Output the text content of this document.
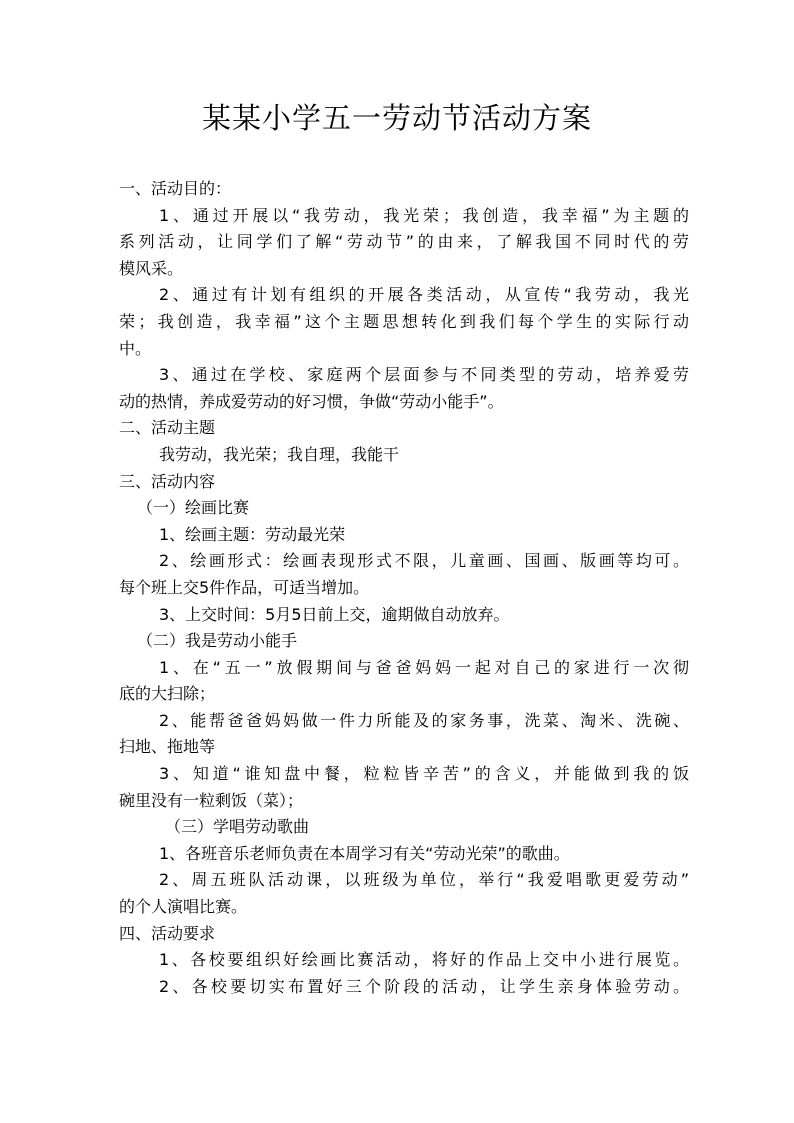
某某小学五一劳动节活动方案
一、活动目的：
1、通过开展以“我劳动，我光荣；我创造，我幸福”为主题的
系列活动，让同学们了解“劳动节”的由来，了解我国不同时代的劳
模风采。
2、通过有计划有组织的开展各类活动，从宣传“我劳动，我光
荣；我创造，我幸福”这个主题思想转化到我们每个学生的实际行动
中。
3、通过在学校、家庭两个层面参与不同类型的劳动，培养爱劳
动的热情，养成爱劳动的好习惯，争做“劳动小能手”。
二、活动主题
我劳动，我光荣；我自理，我能干
三、活动内容
（一）绘画比赛
1、绘画主题：劳动最光荣
2、绘画形式：绘画表现形式不限，儿童画、国画、版画等均可。
每个班上交5件作品，可适当增加。
3、上交时间：5月5日前上交，逾期做自动放弃。
（二）我是劳动小能手
1、在“五一”放假期间与爸爸妈妈一起对自己的家进行一次彻
底的大扫除；
2、能帮爸爸妈妈做一件力所能及的家务事，洗菜、淘米、洗碗、
扫地、拖地等
3、知道“谁知盘中餐，粒粒皆辛苦”的含义，并能做到我的饭
碗里没有一粒剩饭（菜）；
（三）学唱劳动歌曲
1、各班音乐老师负责在本周学习有关“劳动光荣”的歌曲。
2、周五班队活动课，以班级为单位，举行“我爱唱歌更爱劳动”
的个人演唱比赛。
四、活动要求
1、各校要组织好绘画比赛活动，将好的作品上交中小进行展览。
2、各校要切实布置好三个阶段的活动，让学生亲身体验劳动。
